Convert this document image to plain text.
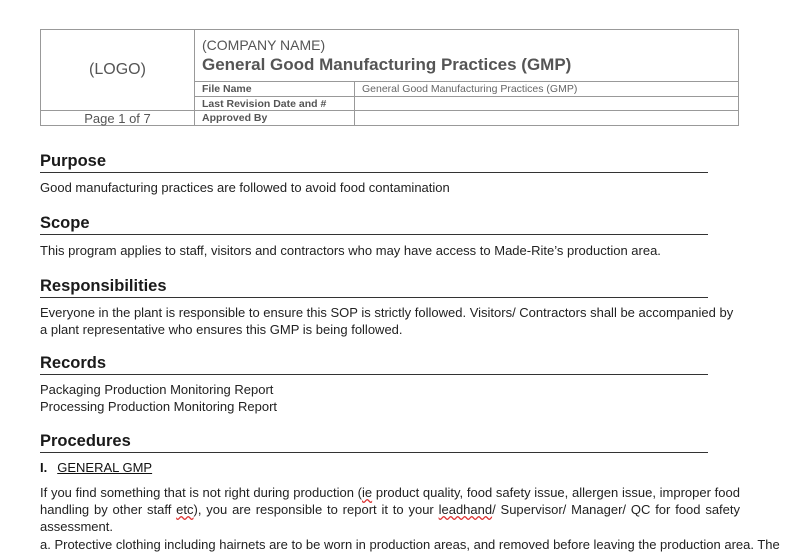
(LOGO)
Page 1 of 7
(COMPANY NAME)
General Good Manufacturing Practices (GMP)
File Name	General Good Manufacturing Practices (GMP)
Last Revision Date and #
Approved By
Purpose
Good manufacturing practices are followed to avoid food contamination
Scope
This program applies to staff, visitors and contractors who may have access to Made-Rite’s production area.
Responsibilities
Everyone in the plant is responsible to ensure this SOP is strictly followed. Visitors/ Contractors shall be accompanied by a plant representative who ensures this GMP is being followed.
Records
Packaging Production Monitoring Report
Processing Production Monitoring Report
Procedures
I. GENERAL GMP
If you find something that is not right during production (ie product quality, food safety issue, allergen issue, improper food handling by other staff etc), you are responsible to report it to your leadhand/ Supervisor/ Manager/ QC for food safety assessment.
a. Protective clothing including hairnets are to be worn in production areas, and removed before leaving the production area. The
